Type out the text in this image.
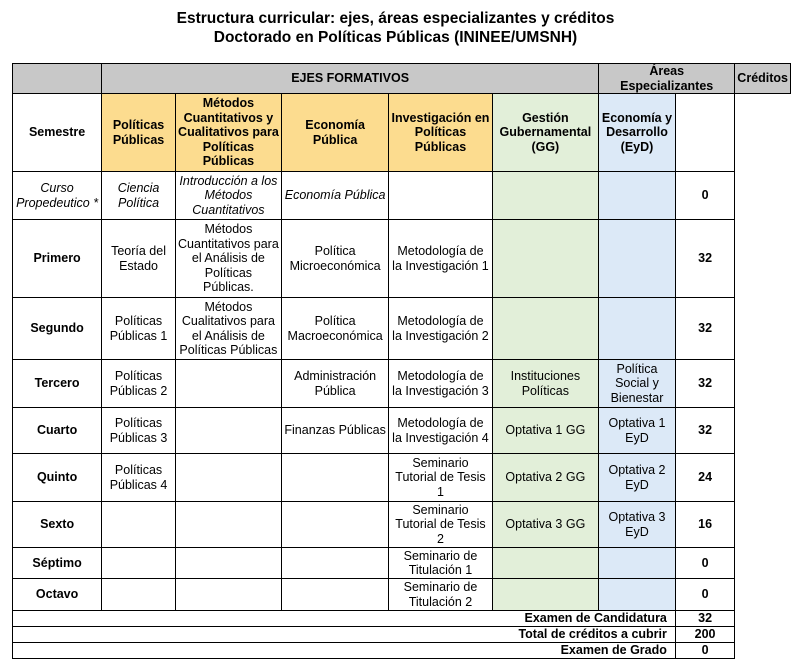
Estructura curricular: ejes, áreas especializantes y créditos
Doctorado en Políticas Públicas (ININEE/UMSNH)
	EJES FORMATIVOS					Áreas Especializantes		Créditos
Semestre	Políticas Públicas	Métodos Cuantitativos y Cualitativos para Políticas Públicas	Economía Pública	Investigación en Políticas Públicas	Gestión Gubernamental (GG)	Economía y Desarrollo (EyD)		
Curso Propedeutico *	Ciencia Política	Introducción a los Métodos Cuantitativos	Economía Pública				0	
Primero	Teoría del Estado	Métodos Cuantitativos para el Análisis de Políticas Públicas.	Política Microeconómica	Metodología de la Investigación 1			32	
Segundo	Políticas Públicas 1	Métodos Cualitativos para el Análisis de Políticas Públicas	Política Macroeconómica	Metodología de la Investigación 2			32	
Tercero	Políticas Públicas 2		Administración Pública	Metodología de la Investigación 3	Instituciones Políticas	Política Social y Bienestar	32	
Cuarto	Políticas Públicas 3		Finanzas Públicas	Metodología de la Investigación 4	Optativa 1 GG	Optativa 1 EyD	32	
Quinto	Políticas Públicas 4			Seminario Tutorial de Tesis 1	Optativa 2 GG	Optativa 2 EyD	24	
Sexto				Seminario Tutorial de Tesis 2	Optativa 3 GG	Optativa 3 EyD	16	
Séptimo				Seminario de Titulación 1			0	
Octavo				Seminario de Titulación 2			0	
Examen de Candidatura							32	
Total de créditos a cubrir							200	
Examen de Grado							0	
